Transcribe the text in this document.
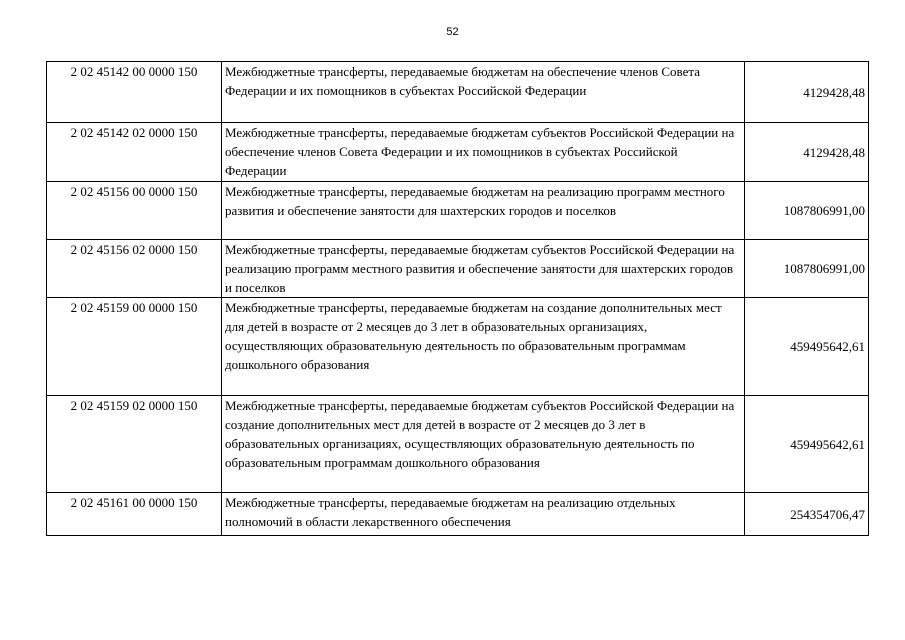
52
2 02 45142 00 0000 150	Межбюджетные трансферты, передаваемые бюджетам на обеспечение членов Совета Федерации и их помощников в субъектах Российской Федерации	4129428,48
2 02 45142 02 0000 150	Межбюджетные трансферты, передаваемые бюджетам субъектов Российской Федерации на обеспечение членов Совета Федерации и их помощников в субъектах Российской Федерации	4129428,48
2 02 45156 00 0000 150	Межбюджетные трансферты, передаваемые бюджетам на реализацию программ местного развития и обеспечение занятости для шахтерских городов и поселков	1087806991,00
2 02 45156 02 0000 150	Межбюджетные трансферты, передаваемые бюджетам субъектов Российской Федерации на реализацию программ местного развития и обеспечение занятости для шахтерских городов и поселков	1087806991,00
2 02 45159 00 0000 150	Межбюджетные трансферты, передаваемые бюджетам на создание дополнительных мест для детей в возрасте от 2 месяцев до 3 лет в образовательных организациях, осуществляющих образовательную деятельность по образовательным программам дошкольного образования	459495642,61
2 02 45159 02 0000 150	Межбюджетные трансферты, передаваемые бюджетам субъектов Российской Федерации на создание дополнительных мест для детей в возрасте от 2 месяцев до 3 лет в образовательных организациях, осуществляющих образовательную деятельность по образовательным программам дошкольного образования	459495642,61
2 02 45161 00 0000 150	Межбюджетные трансферты, передаваемые бюджетам на реализацию отдельных полномочий в области лекарственного обеспечения	254354706,47
